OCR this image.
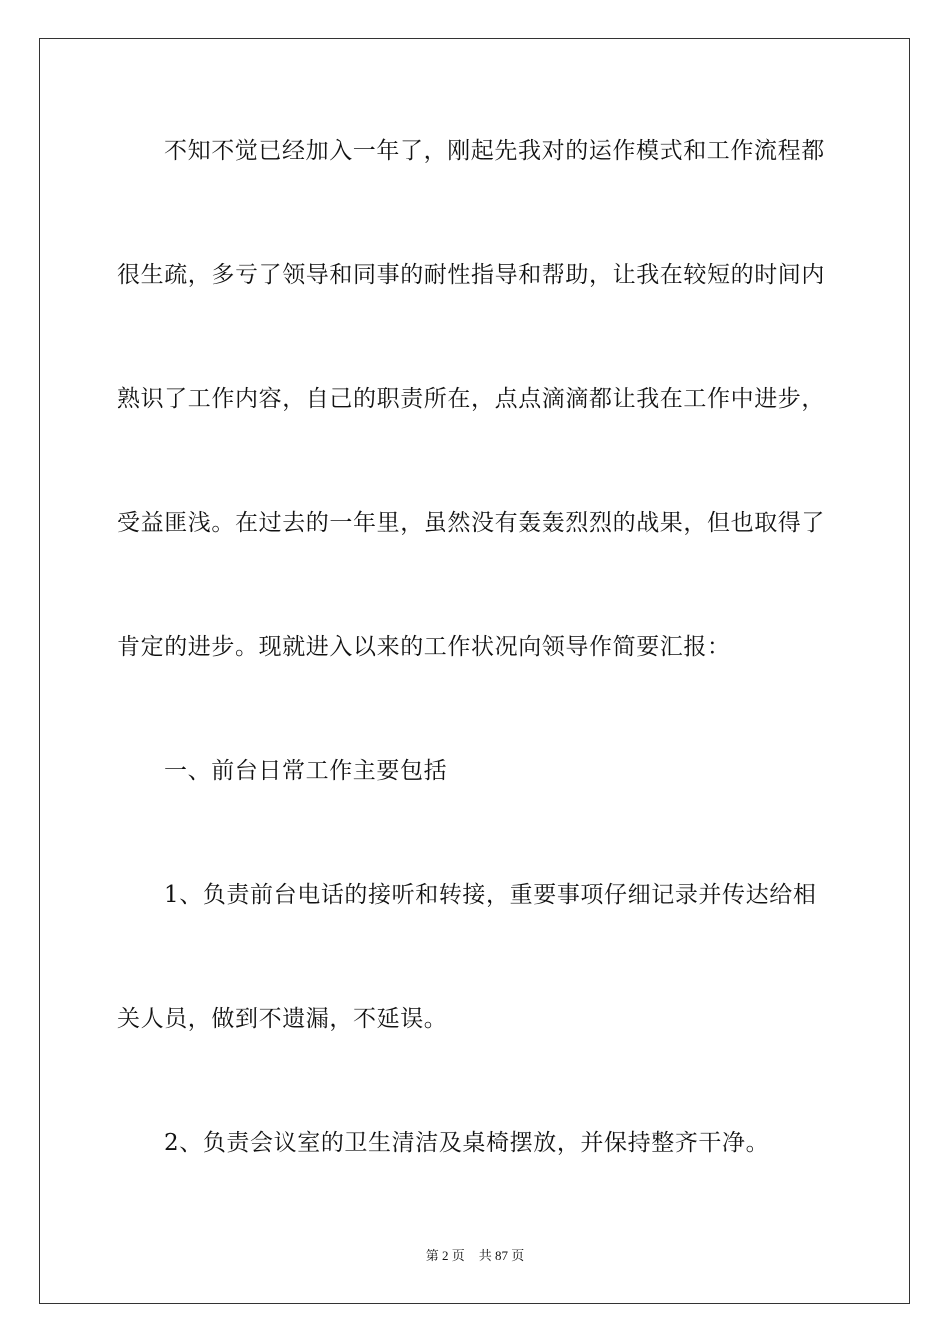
不知不觉已经加入一年了，刚起先我对的运作模式和工作流程都
很生疏，多亏了领导和同事的耐性指导和帮助，让我在较短的时间内
熟识了工作内容，自己的职责所在，点点滴滴都让我在工作中进步，
受益匪浅。在过去的一年里，虽然没有轰轰烈烈的战果，但也取得了
肯定的进步。现就进入以来的工作状况向领导作简要汇报：
一、前台日常工作主要包括
1、负责前台电话的接听和转接，重要事项仔细记录并传达给相
关人员，做到不遗漏，不延误。
2、负责会议室的卫生清洁及桌椅摆放，并保持整齐干净。
第 2 页 共 87 页
